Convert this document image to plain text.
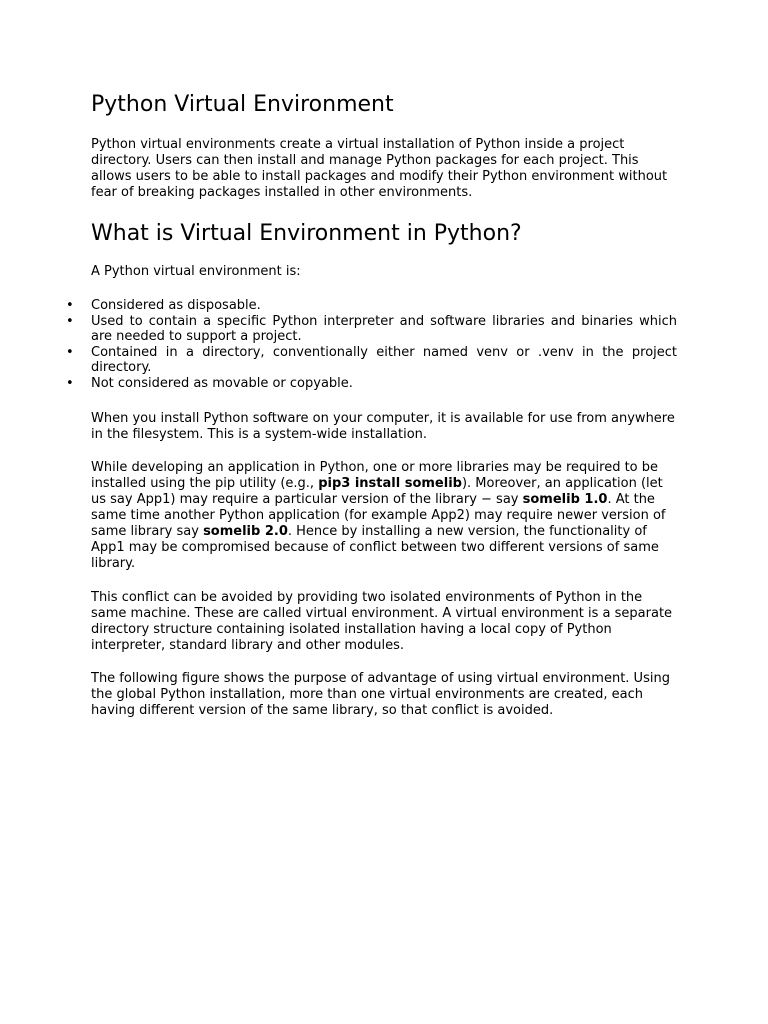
Python Virtual Environment

Python virtual environments create a virtual installation of Python inside a project directory. Users can then install and manage Python packages for each project. This allows users to be able to install packages and modify their Python environment without fear of breaking packages installed in other environments.

What is Virtual Environment in Python?

A Python virtual environment is:

• Considered as disposable.
• Used to contain a specific Python interpreter and software libraries and binaries which are needed to support a project.
• Contained in a directory, conventionally either named venv or .venv in the project directory.
• Not considered as movable or copyable.

When you install Python software on your computer, it is available for use from anywhere in the filesystem. This is a system-wide installation.

While developing an application in Python, one or more libraries may be required to be installed using the pip utility (e.g., pip3 install somelib). Moreover, an application (let us say App1) may require a particular version of the library − say somelib 1.0. At the same time another Python application (for example App2) may require newer version of same library say somelib 2.0. Hence by installing a new version, the functionality of App1 may be compromised because of conflict between two different versions of same library.

This conflict can be avoided by providing two isolated environments of Python in the same machine. These are called virtual environment. A virtual environment is a separate directory structure containing isolated installation having a local copy of Python interpreter, standard library and other modules.

The following figure shows the purpose of advantage of using virtual environment. Using the global Python installation, more than one virtual environments are created, each having different version of the same library, so that conflict is avoided.
